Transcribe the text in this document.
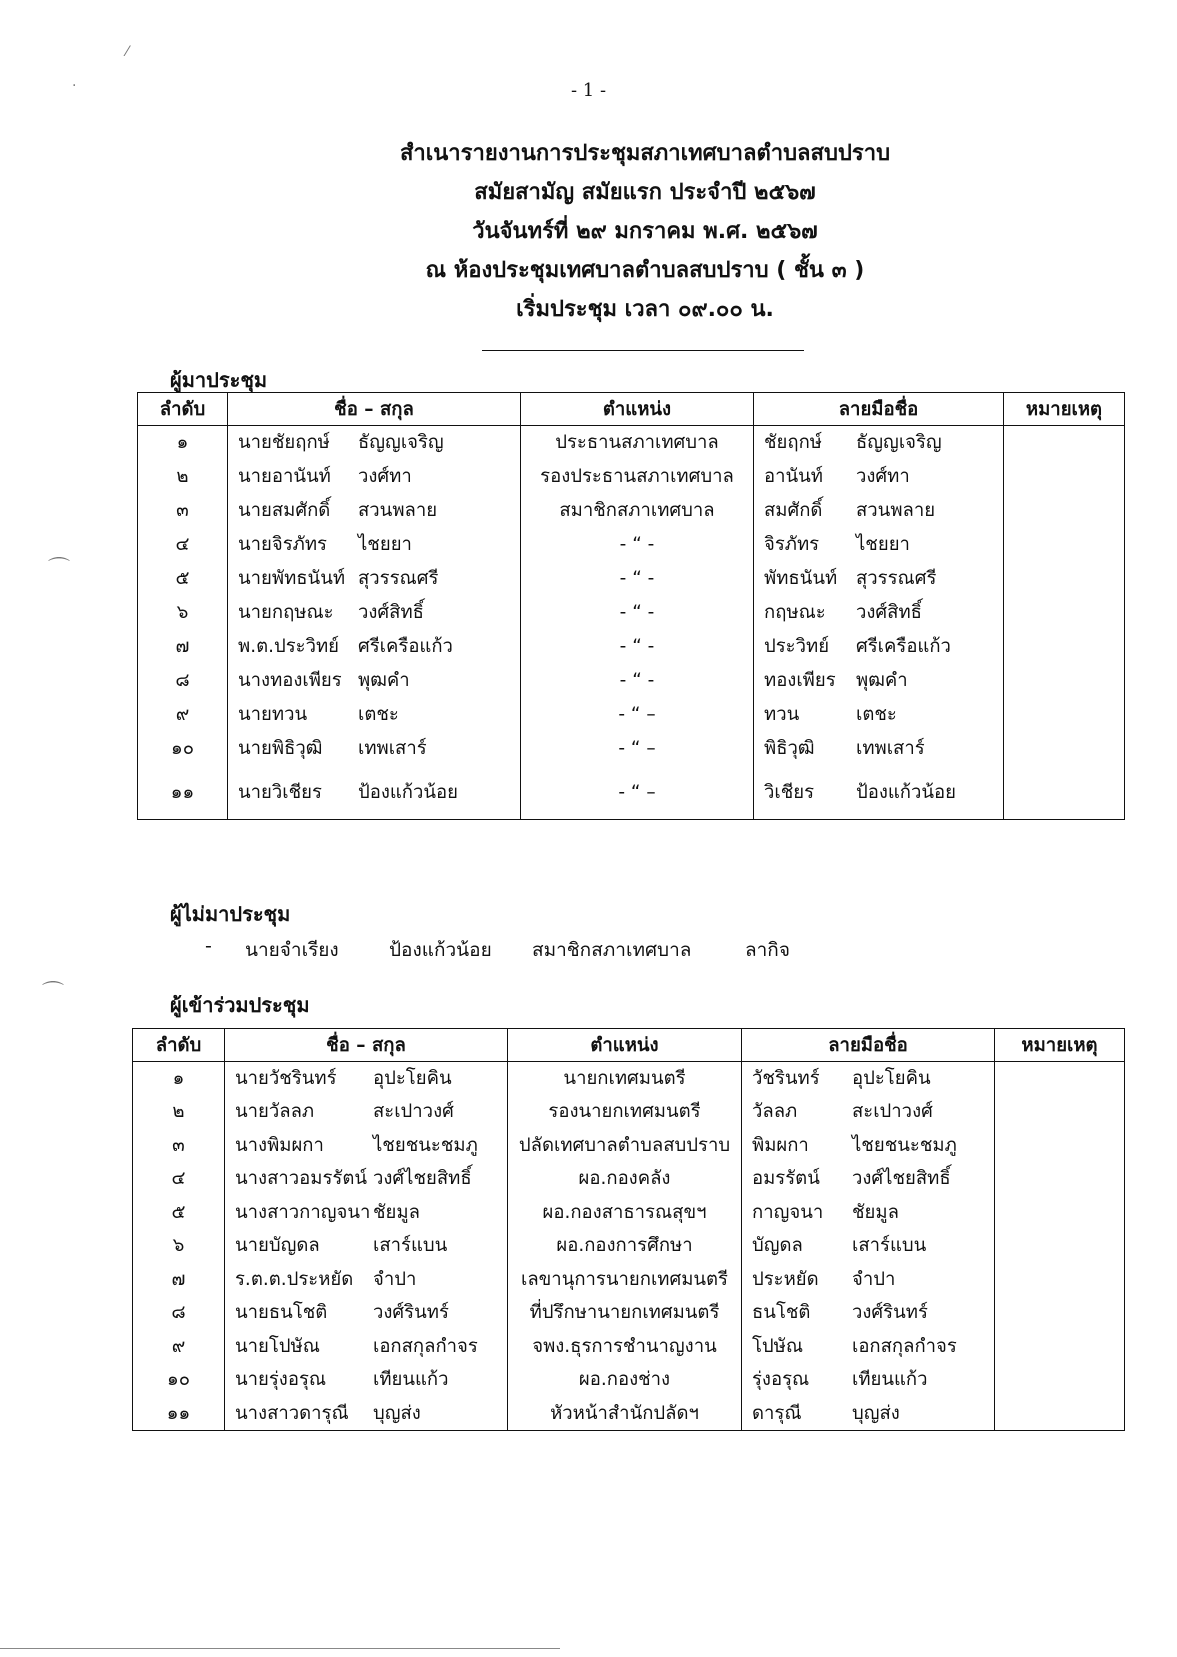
⁄
·
⌒
⌒
- 1 -
สำเนารายงานการประชุมสภาเทศบาลตำบลสบปราบ
สมัยสามัญ สมัยแรก ประจำปี ๒๕๖๗
วันจันทร์ที่ ๒๙ มกราคม พ.ศ. ๒๕๖๗
ณ ห้องประชุมเทศบาลตำบลสบปราบ ( ชั้น ๓ )
เริ่มประชุม เวลา ๐๙.๐๐ น.
ผู้มาประชุม
ลำดับ	ชื่อ – สกุล	ตำแหน่ง	ลายมือชื่อ	หมายเหตุ
๑	นายชัยฤกษ์ ธัญญเจริญ	ประธานสภาเทศบาล	ชัยฤกษ์ ธัญญเจริญ	
๒	นายอานันท์ วงศ์ทา	รองประธานสภาเทศบาล	อานันท์ วงศ์ทา	
๓	นายสมศักดิ์ สวนพลาย	สมาชิกสภาเทศบาล	สมศักดิ์ สวนพลาย	
๔	นายจิรภัทร ไชยยา	- “ -	จิรภัทร ไชยยา	
๕	นายพัทธนันท์ สุวรรณศรี	- “ -	พัทธนันท์ สุวรรณศรี	
๖	นายกฤษณะ วงศ์สิทธิ์	- “ -	กฤษณะ วงศ์สิทธิ์	
๗	พ.ต.ประวิทย์ ศรีเครือแก้ว	- “ -	ประวิทย์ ศรีเครือแก้ว	
๘	นางทองเพียร พุฒคำ	- “ -	ทองเพียร พุฒคำ	
๙	นายทวน เตชะ	- “ –	ทวน เตชะ	
๑๐	นายพิธิวุฒิ เทพเสาร์	- “ –	พิธิวุฒิ เทพเสาร์	
๑๑	นายวิเชียร ป้องแก้วน้อย	- “ –	วิเชียร ป้องแก้วน้อย	
ผู้ไม่มาประชุม
- นายจำเรียง	ป้องแก้วน้อย สมาชิกสภาเทศบาล	ลากิจ
ผู้เข้าร่วมประชุม
ลำดับ	ชื่อ – สกุล	ตำแหน่ง	ลายมือชื่อ	หมายเหตุ
๑	นายวัชรินทร์ อุปะโยคิน	นายกเทศมนตรี	วัชรินทร์ อุปะโยคิน	
๒	นายวัลลภ สะเปาวงศ์	รองนายกเทศมนตรี	วัลลภ สะเปาวงศ์	
๓	นางพิมผกา ไชยชนะชมภู	ปลัดเทศบาลตำบลสบปราบ	พิมผกา ไชยชนะชมภู	
๔	นางสาวอมรรัตน์ วงศ์ไชยสิทธิ์	ผอ.กองคลัง	อมรรัตน์ วงศ์ไชยสิทธิ์	
๕	นางสาวกาญจนา ชัยมูล	ผอ.กองสาธารณสุขฯ	กาญจนา ชัยมูล	
๖	นายบัญดล เสาร์แบน	ผอ.กองการศึกษา	บัญดล เสาร์แบน	
๗	ร.ต.ต.ประหยัด จำปา	เลขานุการนายกเทศมนตรี	ประหยัด จำปา	
๘	นายธนโชติ วงศ์รินทร์	ที่ปรึกษานายกเทศมนตรี	ธนโชติ วงศ์รินทร์	
๙	นายโปษัณ เอกสกุลกำจร	จพง.ธุรการชำนาญงาน	โปษัณ เอกสกุลกำจร	
๑๐	นายรุ่งอรุณ เทียนแก้ว	ผอ.กองช่าง	รุ่งอรุณ เทียนแก้ว	
๑๑	นางสาวดารุณี บุญส่ง	หัวหน้าสำนักปลัดฯ	ดารุณี บุญส่ง	
